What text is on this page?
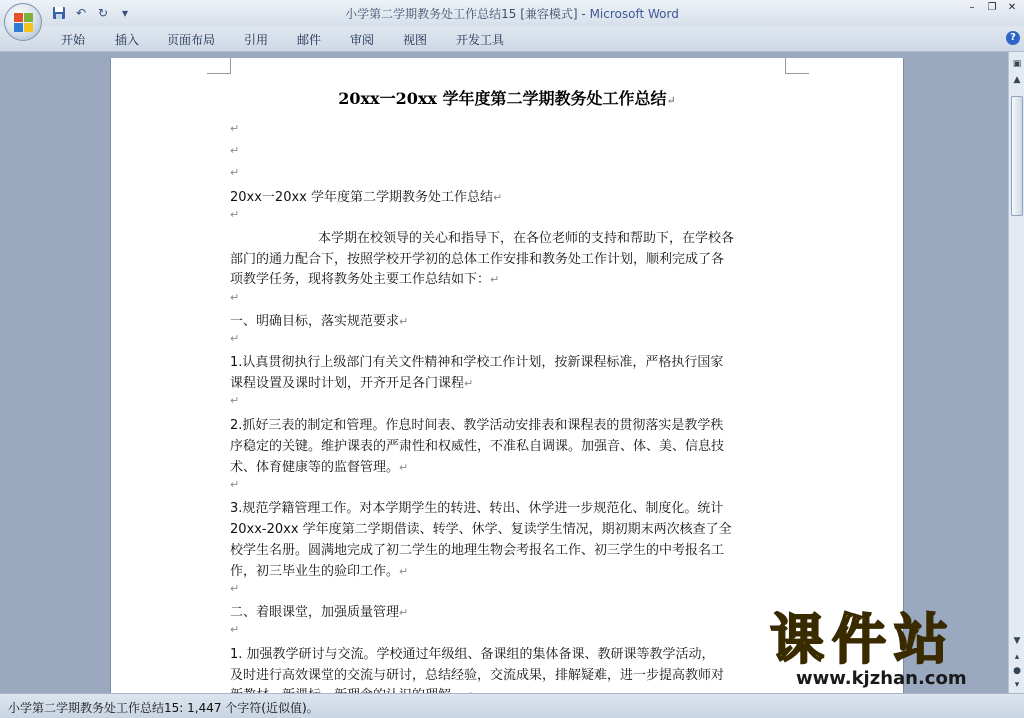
↶ ↻	▾	小学第二学期教务处工作总结15 [兼容模式] - Microsoft Word	–	❐ ✕
开始 插入 页面布局 引用 邮件 审阅 视图 开发工具	?
20xx一20xx 学年度第二学期教务处工作总结↵
↵
↵
↵
20xx一20xx 学年度第二学期教务处工作总结↵
↵
本学期在校领导的关心和指导下，在各位老师的支持和帮助下，在学校各
部门的通力配合下，按照学校开学初的总体工作安排和教务处工作计划，顺利完成了各
项教学任务，现将教务处主要工作总结如下：↵
↵
一、明确目标，落实规范要求↵
↵
1.认真贯彻执行上级部门有关文件精神和学校工作计划，按新课程标准，严格执行国家
课程设置及课时计划，开齐开足各门课程↵
↵
2.抓好三表的制定和管理。作息时间表、教学活动安排表和课程表的贯彻落实是教学秩
序稳定的关键。维护课表的严肃性和权威性，不准私自调课。加强音、体、美、信息技
术、体育健康等的监督管理。↵
↵
3.规范学籍管理工作。对本学期学生的转进、转出、休学进一步规范化、制度化。统计
20xx-20xx 学年度第二学期借读、转学、休学、复读学生情况，期初期末两次核查了全
校学生名册。圆满地完成了初二学生的地理生物会考报名工作、初三学生的中考报名工
作，初三毕业生的验印工作。↵
↵
二、着眼课堂，加强质量管理↵
↵
1. 加强教学研讨与交流。学校通过年级组、备课组的集体备课、教研课等教学活动，
及时进行高效课堂的交流与研讨，总结经验，交流成果，排解疑难，进一步提高教师对
▣
▲
▼
▴
●
▾
课件站
www.kjzhan.com
小学第二学期教务处工作总结15: 1,447 个字符(近似值)。
